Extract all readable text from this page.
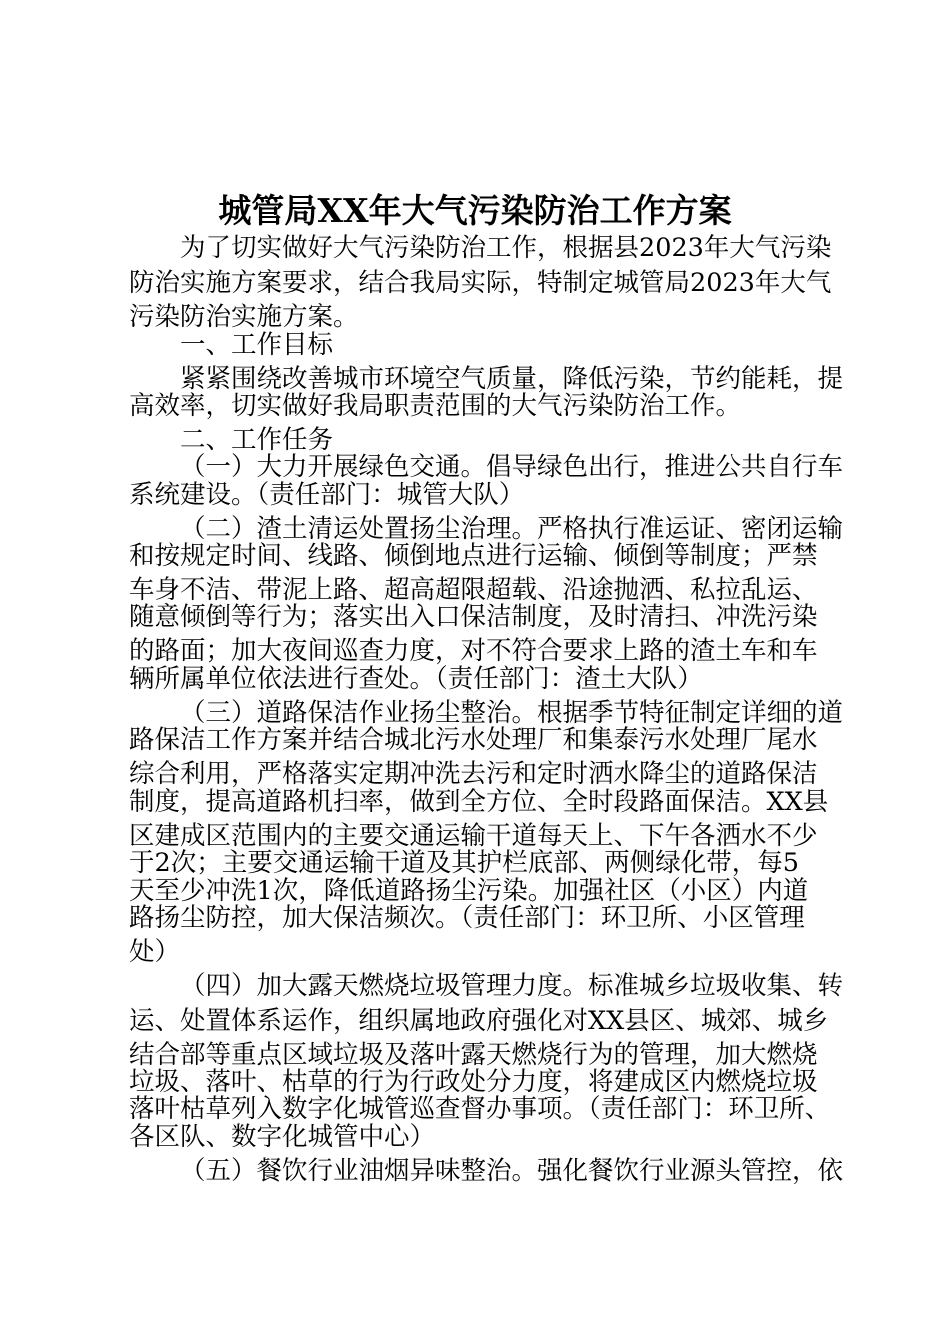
城管局XX年大气污染防治工作方案
为了切实做好大气污染防治工作，根据县2023年大气污染
防治实施方案要求，结合我局实际，特制定城管局2023年大气
污染防治实施方案。
一、工作目标
紧紧围绕改善城市环境空气质量，降低污染，节约能耗，提
高效率，切实做好我局职责范围的大气污染防治工作。
二、工作任务
（一）大力开展绿色交通。倡导绿色出行，推进公共自行车
系统建设。（责任部门：城管大队）
（二）渣土清运处置扬尘治理。严格执行准运证、密闭运输
和按规定时间、线路、倾倒地点进行运输、倾倒等制度；严禁
车身不洁、带泥上路、超高超限超载、沿途抛洒、私拉乱运、
随意倾倒等行为；落实出入口保洁制度，及时清扫、冲洗污染
的路面；加大夜间巡查力度，对不符合要求上路的渣土车和车
辆所属单位依法进行查处。（责任部门：渣土大队）
（三）道路保洁作业扬尘整治。根据季节特征制定详细的道
路保洁工作方案并结合城北污水处理厂和集泰污水处理厂尾水
综合利用，严格落实定期冲洗去污和定时洒水降尘的道路保洁
制度，提高道路机扫率，做到全方位、全时段路面保洁。XX县
区建成区范围内的主要交通运输干道每天上、下午各洒水不少
于2次；主要交通运输干道及其护栏底部、两侧绿化带，每5
天至少冲洗1次，降低道路扬尘污染。加强社区（小区）内道
路扬尘防控，加大保洁频次。（责任部门：环卫所、小区管理
处）
（四）加大露天燃烧垃圾管理力度。标准城乡垃圾收集、转
运、处置体系运作，组织属地政府强化对XX县区、城郊、城乡
结合部等重点区域垃圾及落叶露天燃烧行为的管理，加大燃烧
垃圾、落叶、枯草的行为行政处分力度，将建成区内燃烧垃圾
落叶枯草列入数字化城管巡查督办事项。（责任部门：环卫所、
各区队、数字化城管中心）
（五）餐饮行业油烟异味整治。强化餐饮行业源头管控，依
